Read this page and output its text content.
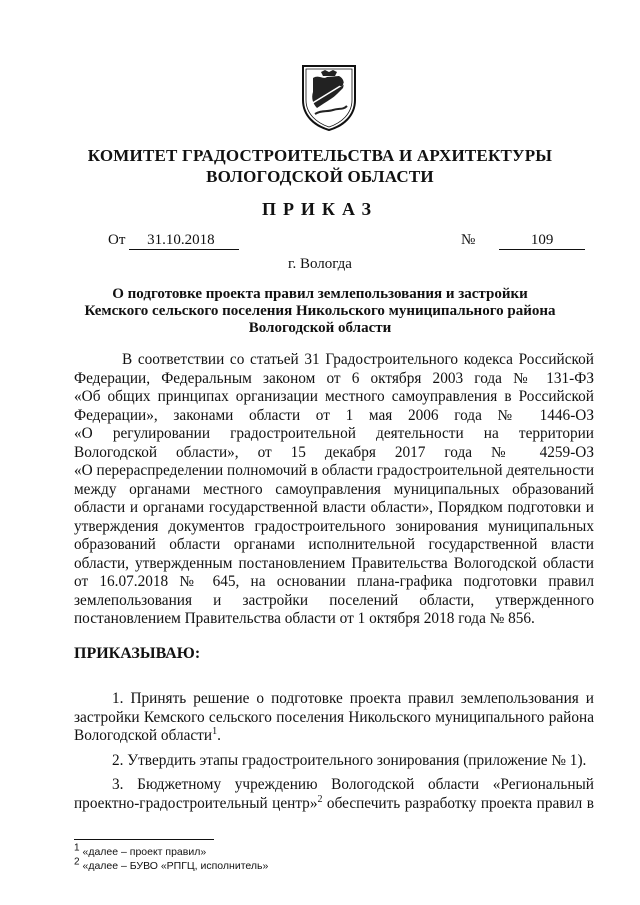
КОМИТЕТ ГРАДОСТРОИТЕЛЬСТВА И АРХИТЕКТУРЫ
ВОЛОГОДСКОЙ ОБЛАСТИ
ПРИКАЗ
От 31.10.2018	№	109
г. Вологда
О подготовке проекта правил землепользования и застройки
Кемского сельского поселения Никольского муниципального района
Вологодской области
В соответствии со статьей 31 Градостроительного кодекса Российской
Федерации, Федеральным законом от 6 октября 2003 года № 131-ФЗ
«Об общих принципах организации местного самоуправления в Российской
Федерации», законами области от 1 мая 2006 года № 1446-ОЗ
«О регулировании градостроительной деятельности на территории
Вологодской области», от 15 декабря 2017 года № 4259-ОЗ
«О перераспределении полномочий в области градостроительной деятельности
между органами местного самоуправления муниципальных образований
области и органами государственной власти области», Порядком подготовки и
утверждения документов градостроительного зонирования муниципальных
образований области органами исполнительной государственной власти
области, утвержденным постановлением Правительства Вологодской области
от 16.07.2018 № 645, на основании плана-графика подготовки правил
землепользования и застройки поселений области, утвержденного
постановлением Правительства области от 1 октября 2018 года № 856.
ПРИКАЗЫВАЮ:
1. Принять решение о подготовке проекта правил землепользования и
застройки Кемского сельского поселения Никольского муниципального района
Вологодской области$^1$.
2. Утвердить этапы градостроительного зонирования (приложение № 1).
3. Бюджетному учреждению Вологодской области «Региональный
проектно-градостроительный центр»$^2$ обеспечить разработку проекта правил в
$^1$ «далее – проект правил»
$^2$ «далее – БУВО «РПГЦ, исполнитель»
